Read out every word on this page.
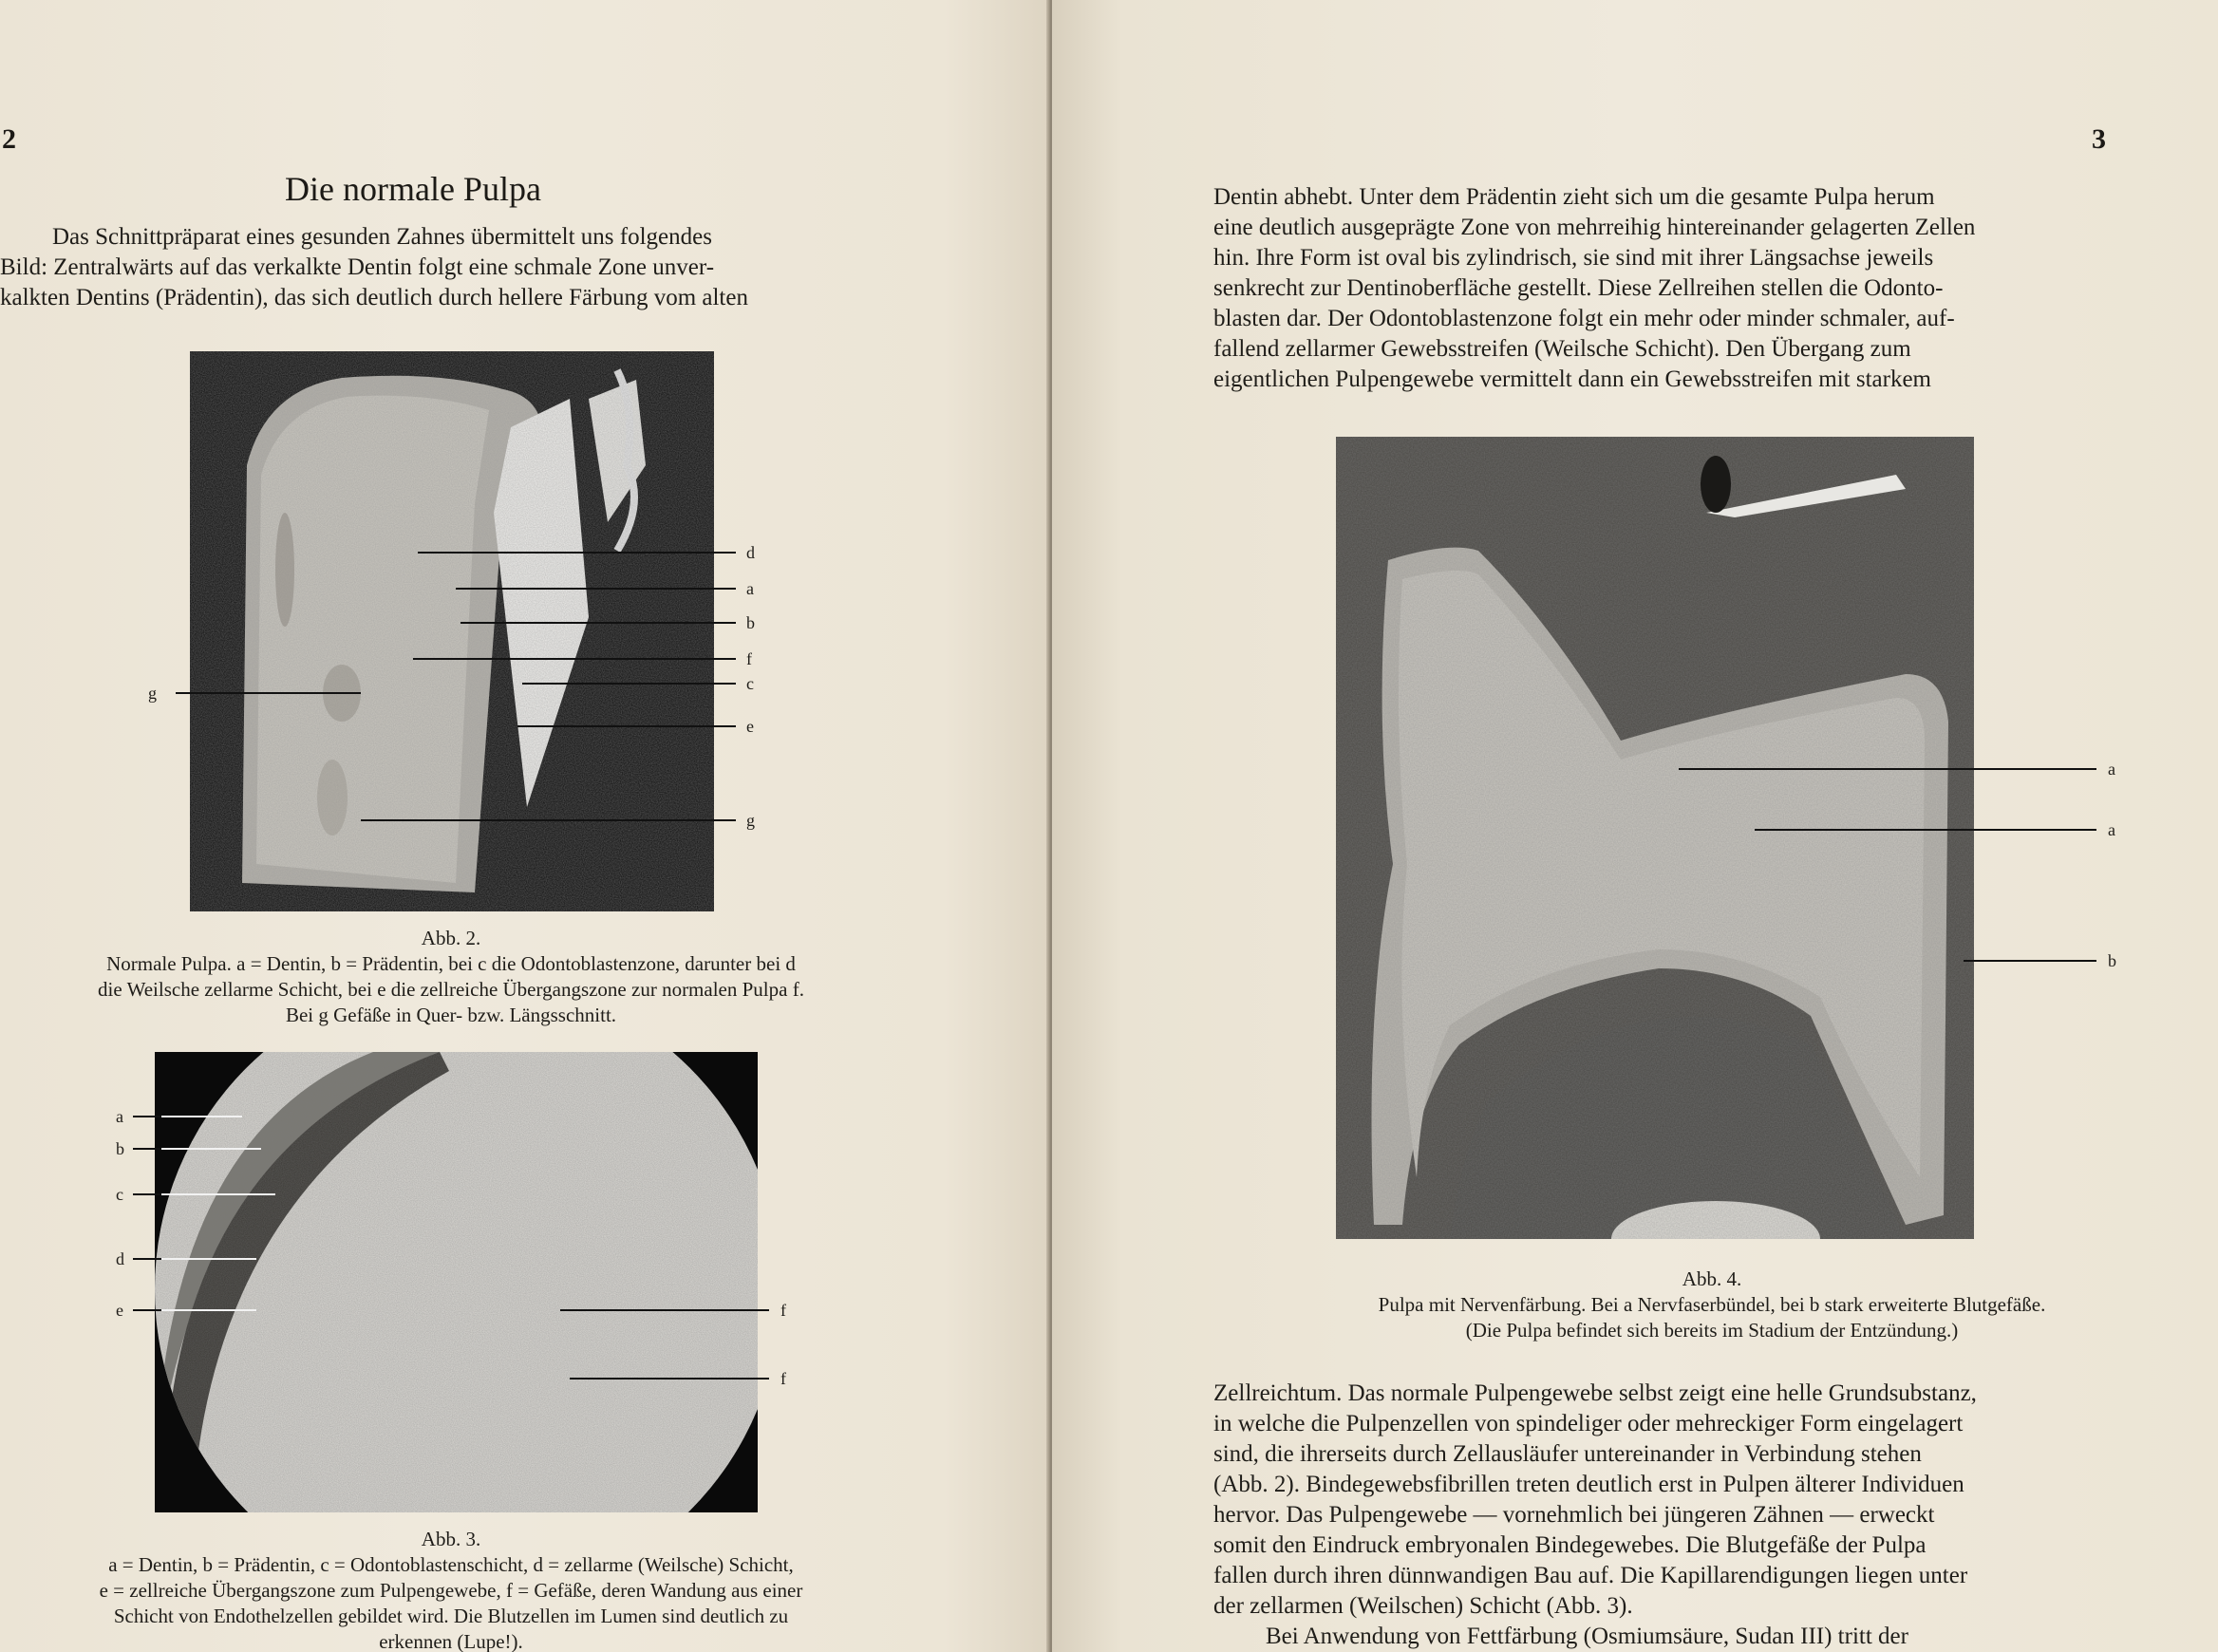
2
Die normale Pulpa
Das Schnittpräparat eines gesunden Zahnes übermittelt uns folgendes
Bild: Zentralwärts auf das verkalkte Dentin folgt eine schmale Zone unver-
kalkten Dentins (Prädentin), das sich deutlich durch hellere Färbung vom alten
d
a
b
f
c
e
g
g
Abb. 2.
Normale Pulpa. a = Dentin, b = Prädentin, bei c die Odontoblastenzone, darunter bei d
die Weilsche zellarme Schicht, bei e die zellreiche Übergangszone zur normalen Pulpa f.
Bei g Gefäße in Quer- bzw. Längsschnitt.
a
b
c
d
e	f
f
Abb. 3.
a = Dentin, b = Prädentin, c = Odontoblastenschicht, d = zellarme (Weilsche) Schicht,
e = zellreiche Übergangszone zum Pulpengewebe, f = Gefäße, deren Wandung aus einer
Schicht von Endothelzellen gebildet wird. Die Blutzellen im Lumen sind deutlich zu
erkennen (Lupe!).
3
Dentin abhebt. Unter dem Prädentin zieht sich um die gesamte Pulpa herum
eine deutlich ausgeprägte Zone von mehrreihig hintereinander gelagerten Zellen
hin. Ihre Form ist oval bis zylindrisch, sie sind mit ihrer Längsachse jeweils
senkrecht zur Dentinoberfläche gestellt. Diese Zellreihen stellen die Odonto-
blasten dar. Der Odontoblastenzone folgt ein mehr oder minder schmaler, auf-
fallend zellarmer Gewebsstreifen (Weilsche Schicht). Den Übergang zum
eigentlichen Pulpengewebe vermittelt dann ein Gewebsstreifen mit starkem
a
a
b
Abb. 4.
Pulpa mit Nervenfärbung. Bei a Nervfaserbündel, bei b stark erweiterte Blutgefäße.
(Die Pulpa befindet sich bereits im Stadium der Entzündung.)
Zellreichtum. Das normale Pulpengewebe selbst zeigt eine helle Grundsubstanz,
in welche die Pulpenzellen von spindeliger oder mehreckiger Form eingelagert
sind, die ihrerseits durch Zellausläufer untereinander in Verbindung stehen
(Abb. 2). Bindegewebsfibrillen treten deutlich erst in Pulpen älterer Individuen
hervor. Das Pulpengewebe — vornehmlich bei jüngeren Zähnen — erweckt
somit den Eindruck embryonalen Bindegewebes. Die Blutgefäße der Pulpa
fallen durch ihren dünnwandigen Bau auf. Die Kapillarendigungen liegen unter
der zellarmen (Weilschen) Schicht (Abb. 3).
Bei Anwendung von Fettfärbung (Osmiumsäure, Sudan III) tritt der
